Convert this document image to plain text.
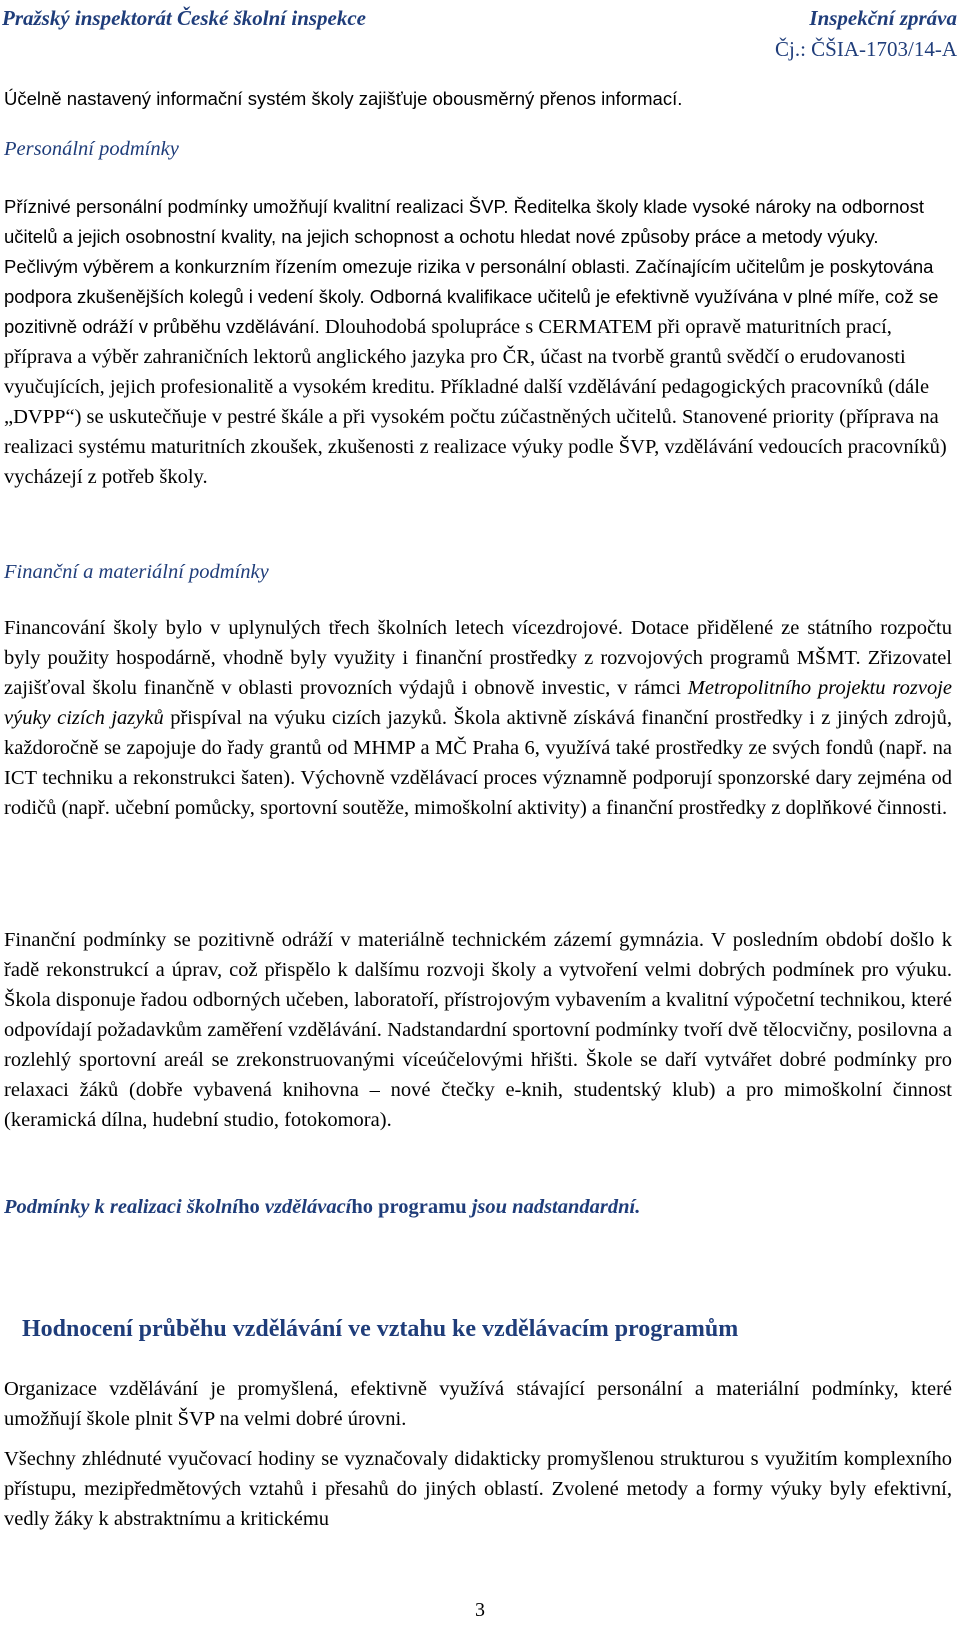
Pražský inspektorát České školní inspekce	Inspekční zpráva
Čj.: ČŠIA-1703/14-A
Účelně nastavený informační systém školy zajišťuje obousměrný přenos informací.
Personální podmínky
Příznivé personální podmínky umožňují kvalitní realizaci ŠVP. Ředitelka školy klade vysoké nároky na odbornost učitelů a jejich osobnostní kvality, na jejich schopnost a ochotu hledat nové způsoby práce a metody výuky. Pečlivým výběrem a konkurzním řízením omezuje rizika v personální oblasti. Začínajícím učitelům je poskytována podpora zkušenějších kolegů i vedení školy. Odborná kvalifikace učitelů je efektivně využívána v plné míře, což se pozitivně odráží v průběhu vzdělávání. Dlouhodobá spolupráce s CERMATEM při opravě maturitních prací, příprava a výběr zahraničních lektorů anglického jazyka pro ČR, účast na tvorbě grantů svědčí o erudovanosti vyučujících, jejich profesionalitě a vysokém kreditu. Příkladné další vzdělávání pedagogických pracovníků (dále „DVPP“) se uskutečňuje v pestré škále a při vysokém počtu zúčastněných učitelů. Stanovené priority (příprava na realizaci systému maturitních zkoušek, zkušenosti z realizace výuky podle ŠVP, vzdělávání vedoucích pracovníků) vycházejí z potřeb školy.
Finanční a materiální podmínky
Financování školy bylo v uplynulých třech školních letech vícezdrojové. Dotace přidělené ze státního rozpočtu byly použity hospodárně, vhodně byly využity i finanční prostředky z rozvojových programů MŠMT. Zřizovatel zajišťoval školu finančně v oblasti provozních výdajů i obnově investic, v rámci Metropolitního projektu rozvoje výuky cizích jazyků přispíval na výuku cizích jazyků. Škola aktivně získává finanční prostředky i z jiných zdrojů, každoročně se zapojuje do řady grantů od MHMP a MČ Praha 6, využívá také prostředky ze svých fondů (např. na ICT techniku a rekonstrukci šaten). Výchovně vzdělávací proces významně podporují sponzorské dary zejména od rodičů (např. učební pomůcky, sportovní soutěže, mimoškolní aktivity) a finanční prostředky z doplňkové činnosti.
Finanční podmínky se pozitivně odráží v materiálně technickém zázemí gymnázia. V posledním období došlo k řadě rekonstrukcí a úprav, což přispělo k dalšímu rozvoji školy a vytvoření velmi dobrých podmínek pro výuku. Škola disponuje řadou odborných učeben, laboratoří, přístrojovým vybavením a kvalitní výpočetní technikou, které odpovídají požadavkům zaměření vzdělávání. Nadstandardní sportovní podmínky tvoří dvě tělocvičny, posilovna a rozlehlý sportovní areál se zrekonstruovanými víceúčelovými hřišti. Škole se daří vytvářet dobré podmínky pro relaxaci žáků (dobře vybavená knihovna – nové čtečky e-knih, studentský klub) a pro mimoškolní činnost (keramická dílna, hudební studio, fotokomora).
Podmínky k realizaci školního vzdělávacího programu jsou nadstandardní.
Hodnocení průběhu vzdělávání ve vztahu ke vzdělávacím programům
Organizace vzdělávání je promyšlená, efektivně využívá stávající personální a materiální podmínky, které umožňují škole plnit ŠVP na velmi dobré úrovni.
Všechny zhlédnuté vyučovací hodiny se vyznačovaly didakticky promyšlenou strukturou s využitím komplexního přístupu, mezipředmětových vztahů i přesahů do jiných oblastí. Zvolené metody a formy výuky byly efektivní, vedly žáky k abstraktnímu a kritickému
3
